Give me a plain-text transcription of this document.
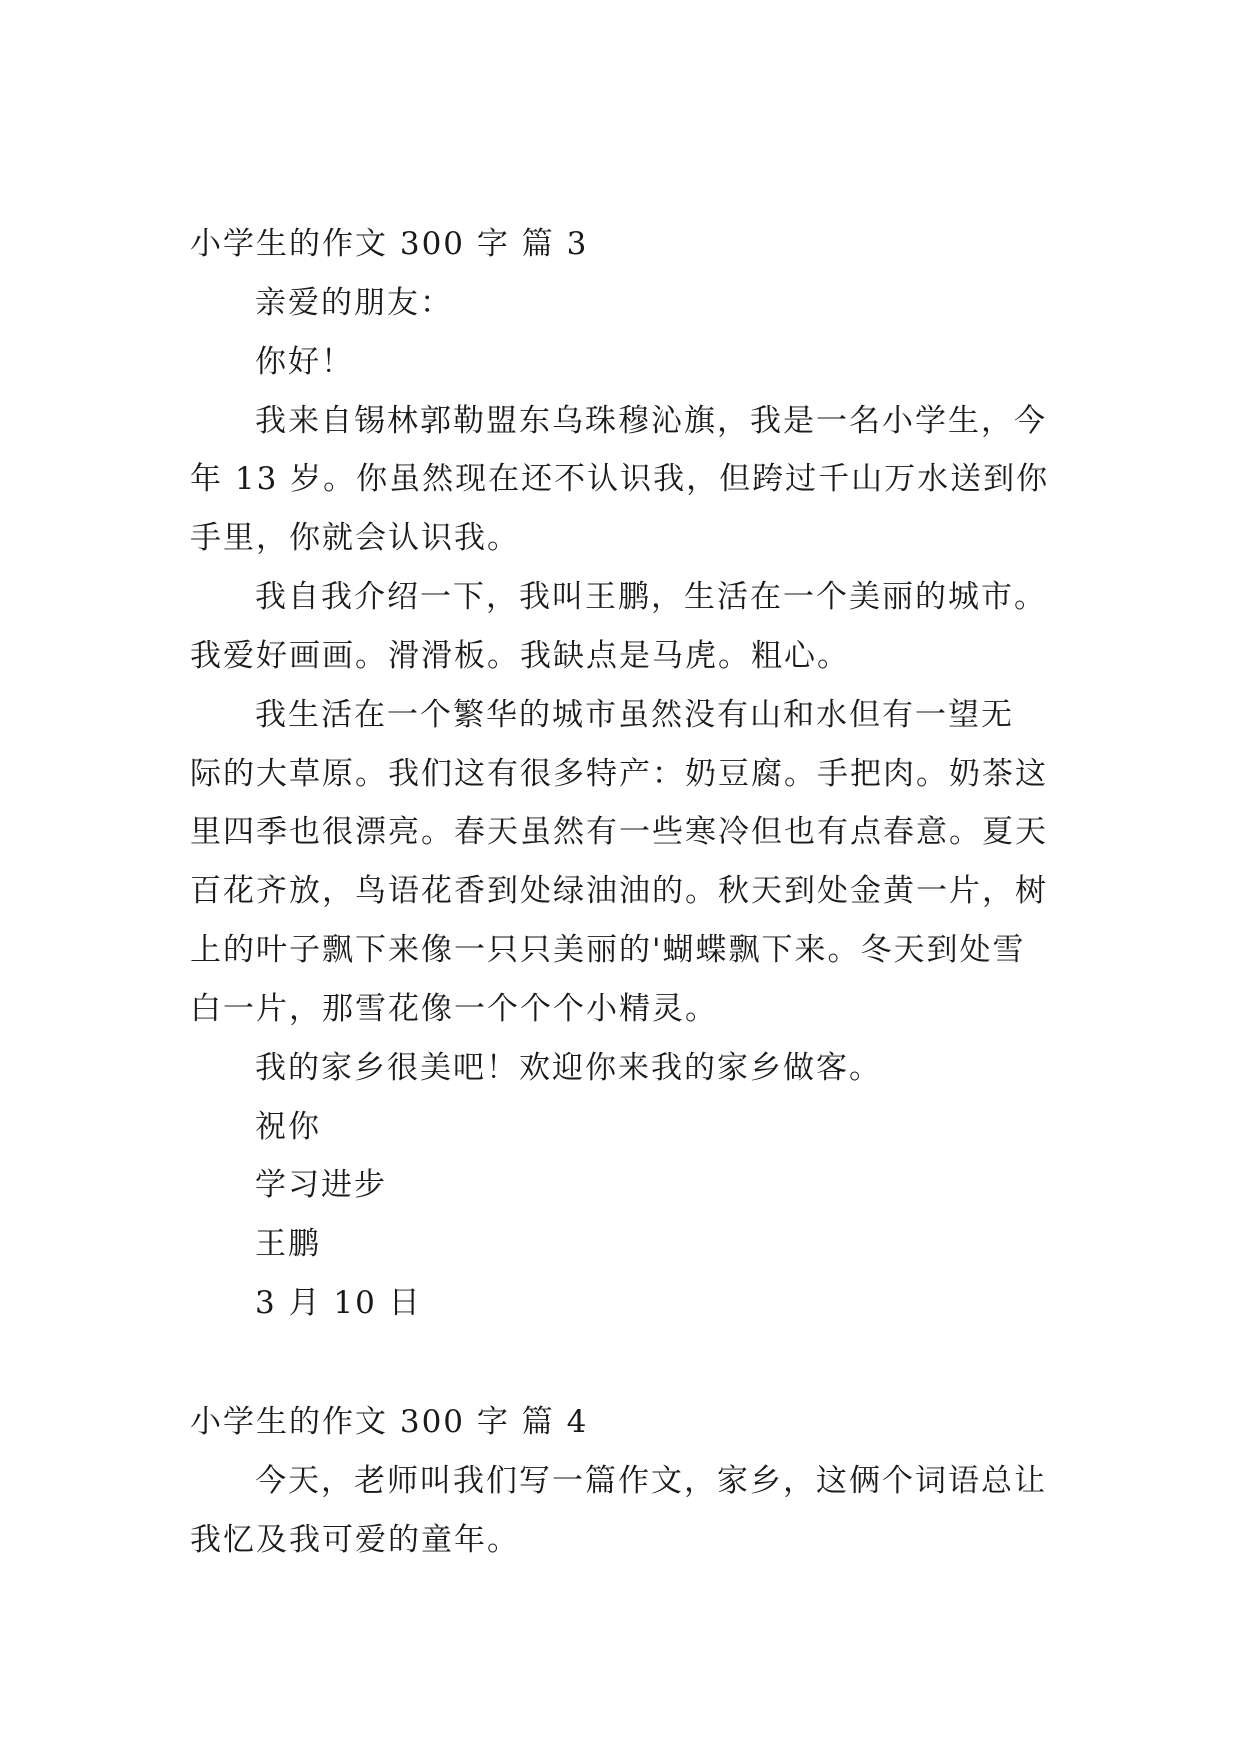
小学生的作文 300 字 篇 3
亲爱的朋友：
你好！
我来自锡林郭勒盟东乌珠穆沁旗，我是一名小学生，今
年 13 岁。你虽然现在还不认识我，但跨过千山万水送到你
手里，你就会认识我。
我自我介绍一下，我叫王鹏，生活在一个美丽的城市。
我爱好画画。滑滑板。我缺点是马虎。粗心。
我生活在一个繁华的城市虽然没有山和水但有一望无
际的大草原。我们这有很多特产：奶豆腐。手把肉。奶茶这
里四季也很漂亮。春天虽然有一些寒冷但也有点春意。夏天
百花齐放，鸟语花香到处绿油油的。秋天到处金黄一片，树
上的叶子飘下来像一只只美丽的'蝴蝶飘下来。冬天到处雪
白一片，那雪花像一个个个小精灵。
我的家乡很美吧！欢迎你来我的家乡做客。
祝你
学习进步
王鹏
3 月 10 日
小学生的作文 300 字 篇 4
今天，老师叫我们写一篇作文，家乡，这俩个词语总让
我忆及我可爱的童年。
